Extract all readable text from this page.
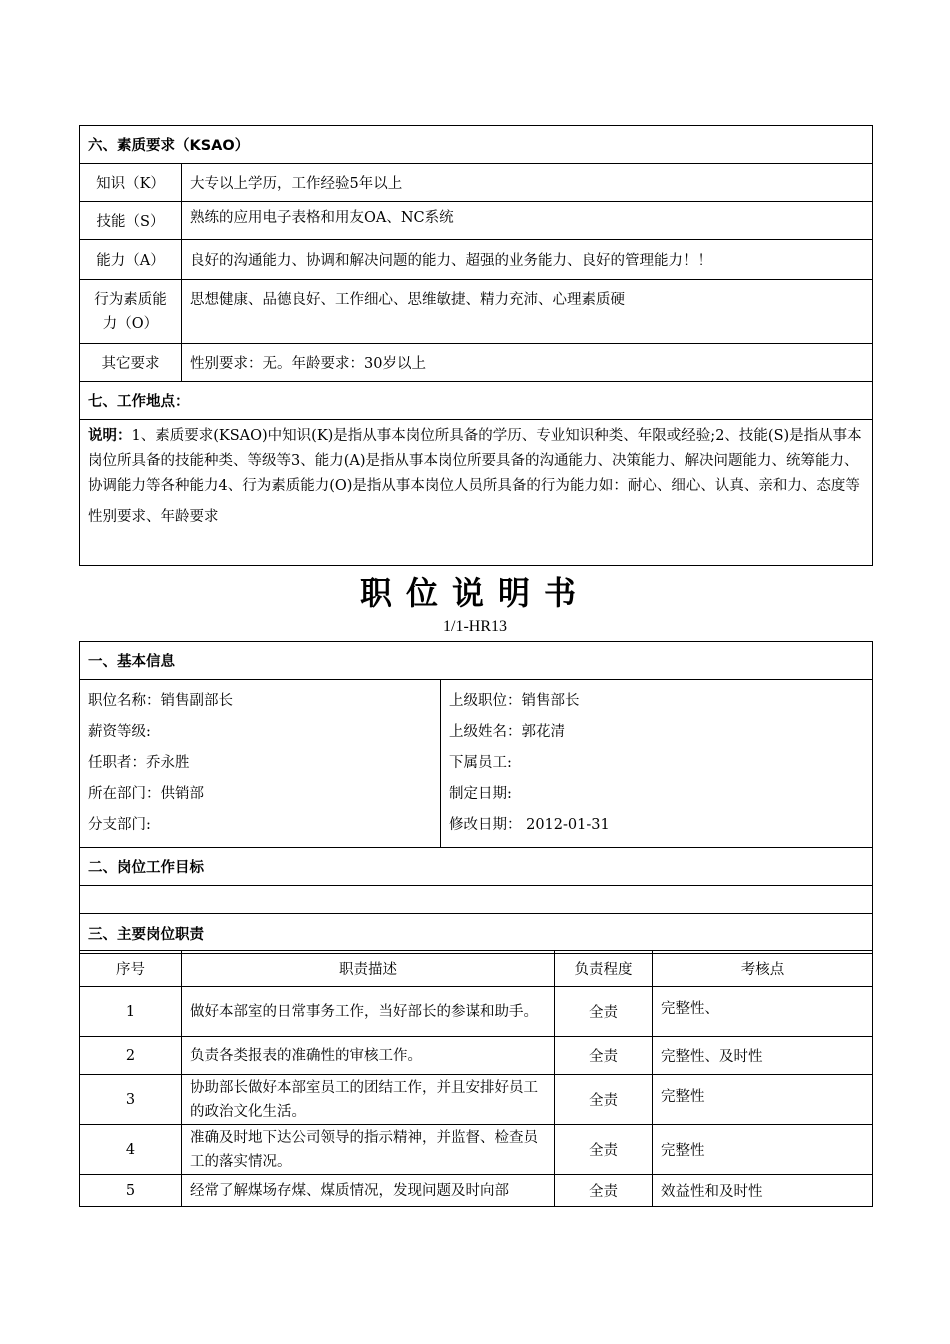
六、素质要求（KSAO）	
知识（K）	大专以上学历，工作经验5年以上
技能（S）	熟练的应用电子表格和用友OA、NC系统
能力（A）	良好的沟通能力、协调和解决问题的能力、超强的业务能力、良好的管理能力！！
行为素质能力（O）	思想健康、品德良好、工作细心、思维敏捷、精力充沛、心理素质硬
其它要求	性别要求：无。年龄要求：30岁以上
七、工作地点：	

说明：1、素质要求(KSAO)中知识(K)是指从事本岗位所具备的学历、专业知识种类、年限或经验;2、技能(S)是指从事本岗位所具备的技能种类、等级等3、能力(A)是指从事本岗位所要具备的沟通能力、决策能力、解决问题能力、统筹能力、协调能力等各种能力4、行为素质能力(O)是指从事本岗位人员所具备的行为能力如：耐心、细心、认真、亲和力、态度等
性别要求、年龄要求	
职位说明书
1/1-HR13
一、基本信息

职位名称：销售副部长
薪资等级:
任职者：乔永胜
所在部门：供销部
分支部门:

上级职位：销售部长
上级姓名：郭花清
下属员工:
制定日期:
修改日期： 2012-01-31

二、岗位工作目标

三、主要岗位职责
序号	职责描述	负责程度	考核点
1	做好本部室的日常事务工作，当好部长的参谋和助手。	全责	完整性、
2	负责各类报表的准确性的审核工作。	全责	完整性、及时性
3	协助部长做好本部室员工的团结工作，并且安排好员工的政治文化生活。	全责	完整性
4	准确及时地下达公司领导的指示精神，并监督、检查员工的落实情况。	全责	完整性
5	经常了解煤场存煤、煤质情况，发现问题及时向部	全责	效益性和及时性
